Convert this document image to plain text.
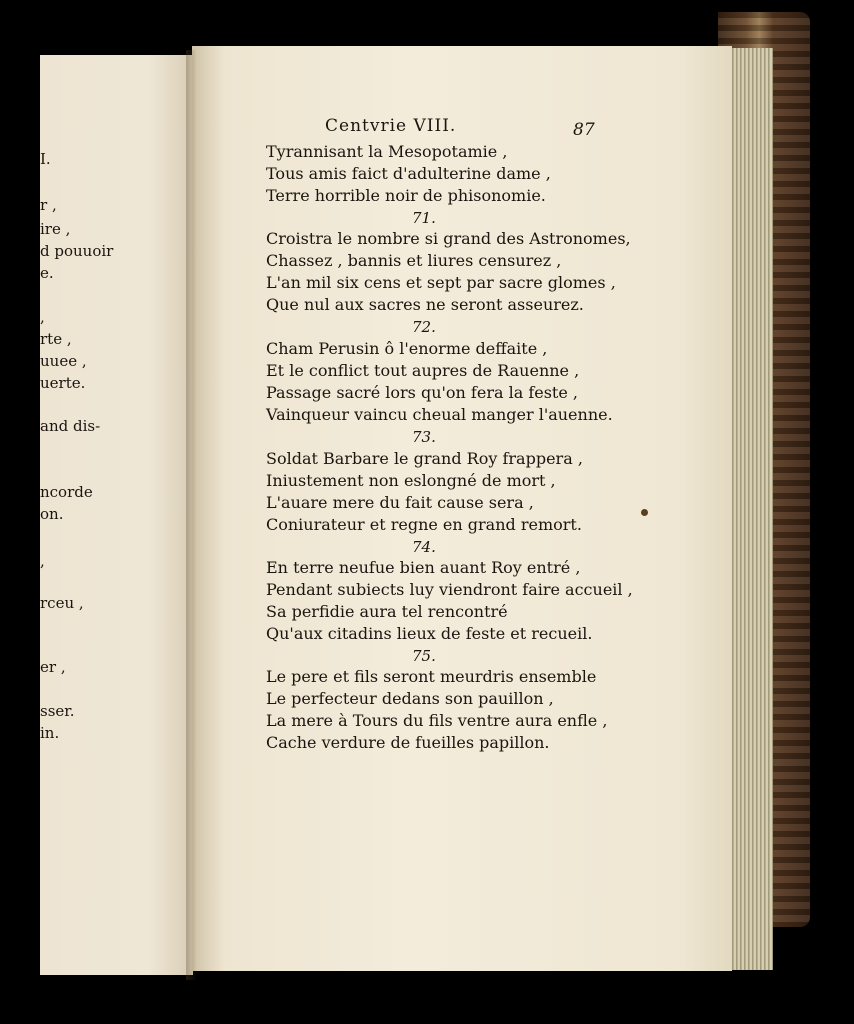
I.
r ,
ire ,
d pouuoir
e.
,
rte ,
uuee ,
uerte.
and dis-
ncorde
on.
,
rceu ,
er ,
sser.
in.
Centvrie VIII.	87
Tyrannisant la Mesopotamie ,
Tous amis faict d'adulterine dame ,
Terre horrible noir de phisonomie.
71.
Croistra le nombre si grand des Astronomes,
Chassez , bannis et liures censurez ,
L'an mil six cens et sept par sacre glomes ,
Que nul aux sacres ne seront asseurez.
72.
Cham Perusin ô l'enorme deffaite ,
Et le conflict tout aupres de Rauenne ,
Passage sacré lors qu'on fera la feste ,
Vainqueur vaincu cheual manger l'auenne.
73.
Soldat Barbare le grand Roy frappera ,
Iniustement non eslongné de mort ,
L'auare mere du fait cause sera ,
Coniurateur et regne en grand remort.
74.
En terre neufue bien auant Roy entré ,
Pendant subiects luy viendront faire accueil ,
Sa perfidie aura tel rencontré
Qu'aux citadins lieux de feste et recueil.
75.
Le pere et fils seront meurdris ensemble
Le perfecteur dedans son pauillon ,
La mere à Tours du fils ventre aura enfle ,
Cache verdure de fueilles papillon.
